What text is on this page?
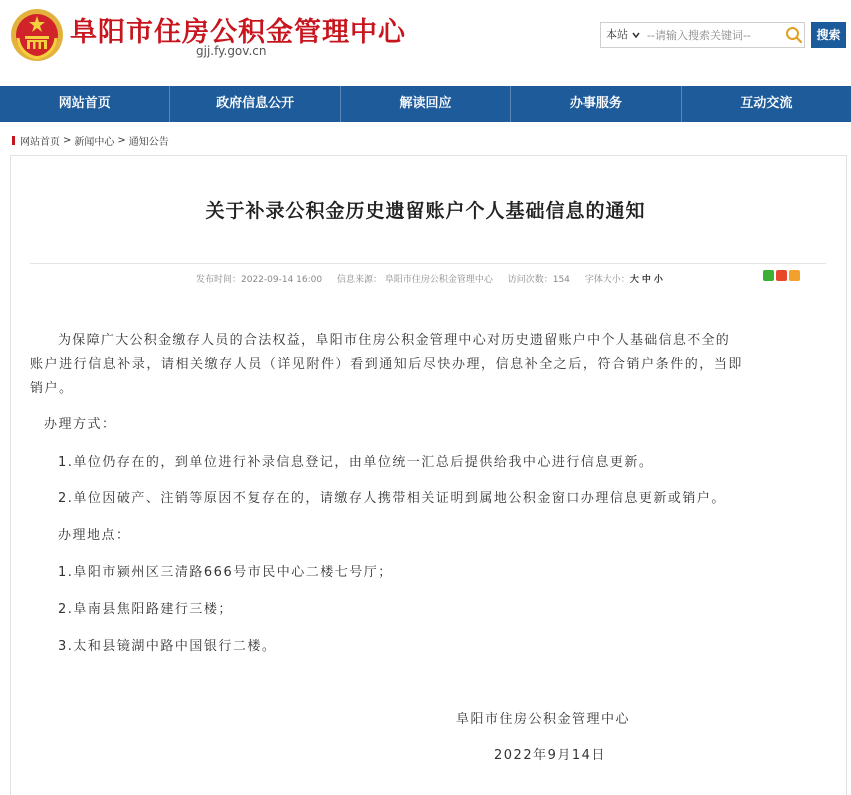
阜阳市住房公积金管理中心
gjj.fy.gov.cn
本站
--请输入搜索关键词--	搜索
网站首页	政府信息公开	解读回应	办事服务	互动交流
网站首页 > 新闻中心 > 通知公告
关于补录公积金历史遗留账户个人基础信息的通知
发布时间：2022-09-14 16:00 信息来源： 阜阳市住房公积金管理中心 访问次数：154 字体大小：大 中 小
为保障广大公积金缴存人员的合法权益，阜阳市住房公积金管理中心对历史遗留账户中个人基础信息不全的
账户进行信息补录，请相关缴存人员（详见附件）看到通知后尽快办理，信息补全之后，符合销户条件的，当即
销户。
办理方式：
1.单位仍存在的，到单位进行补录信息登记，由单位统一汇总后提供给我中心进行信息更新。
2.单位因破产、注销等原因不复存在的，请缴存人携带相关证明到属地公积金窗口办理信息更新或销户。
办理地点：
1.阜阳市颍州区三清路666号市民中心二楼七号厅；
2.阜南县焦阳路建行三楼；
3.太和县镜湖中路中国银行二楼。
阜阳市住房公积金管理中心
2022年9月14日
